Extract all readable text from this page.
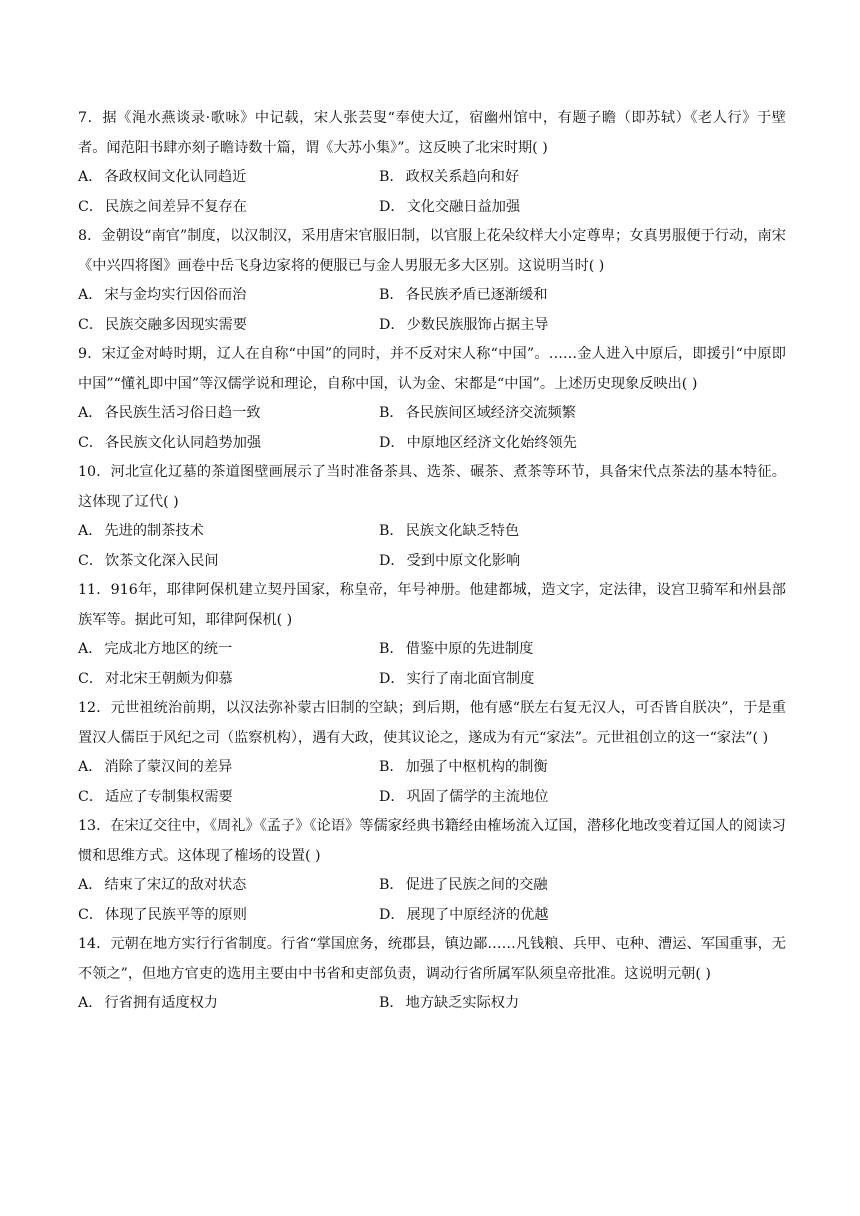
7．据《渑水燕谈录·歌咏》中记载，宋人张芸叟“奉使大辽，宿幽州馆中，有题子瞻（即苏轼）《老人行》于壁者。闻范阳书肆亦刻子瞻诗数十篇，谓《大苏小集》”。这反映了北宋时期( )

A． 各政权间文化认同趋近	B． 政权关系趋向和好
C． 民族之间差异不复存在	D． 文化交融日益加强

8．金朝设“南官”制度，以汉制汉，采用唐宋官服旧制，以官服上花朵纹样大小定尊卑；女真男服便于行动，南宋《中兴四将图》画卷中岳飞身边家将的便服已与金人男服无多大区别。这说明当时( )

A． 宋与金均实行因俗而治	B． 各民族矛盾已逐渐缓和
C． 民族交融多因现实需要	D． 少数民族服饰占据主导

9．宋辽金对峙时期，辽人在自称“中国”的同时，并不反对宋人称“中国”。……金人进入中原后，即援引“中原即中国”“懂礼即中国”等汉儒学说和理论，自称中国，认为金、宋都是“中国”。上述历史现象反映出( )

A． 各民族生活习俗日趋一致	B． 各民族间区域经济交流频繁
C． 各民族文化认同趋势加强	D． 中原地区经济文化始终领先

10．河北宣化辽墓的茶道图壁画展示了当时准备茶具、选茶、碾茶、煮茶等环节，具备宋代点茶法的基本特征。这体现了辽代( )

A． 先进的制茶技术	B． 民族文化缺乏特色
C． 饮茶文化深入民间	D． 受到中原文化影响

11．916年，耶律阿保机建立契丹国家，称皇帝，年号神册。他建都城，造文字，定法律，设宫卫骑军和州县部族军等。据此可知，耶律阿保机( )

A． 完成北方地区的统一	B． 借鉴中原的先进制度
C． 对北宋王朝颇为仰慕	D． 实行了南北面官制度

12．元世祖统治前期，以汉法弥补蒙古旧制的空缺；到后期，他有感“朕左右复无汉人，可否皆自朕决”，于是重置汉人儒臣于风纪之司（监察机构），遇有大政，使其议论之，遂成为有元“家法”。元世祖创立的这一“家法”( )

A． 消除了蒙汉间的差异	B． 加强了中枢机构的制衡
C． 适应了专制集权需要	D． 巩固了儒学的主流地位

13．在宋辽交往中，《周礼》《孟子》《论语》等儒家经典书籍经由榷场流入辽国，潜移化地改变着辽国人的阅读习惯和思维方式。这体现了榷场的设置( )

A． 结束了宋辽的敌对状态	B． 促进了民族之间的交融
C． 体现了民族平等的原则	D． 展现了中原经济的优越

14．元朝在地方实行行省制度。行省“掌国庶务，统郡县，镇边鄙……凡钱粮、兵甲、屯种、漕运、军国重事，无不领之”，但地方官吏的选用主要由中书省和吏部负责，调动行省所属军队须皇帝批准。这说明元朝( )

A． 行省拥有适度权力	B． 地方缺乏实际权力
